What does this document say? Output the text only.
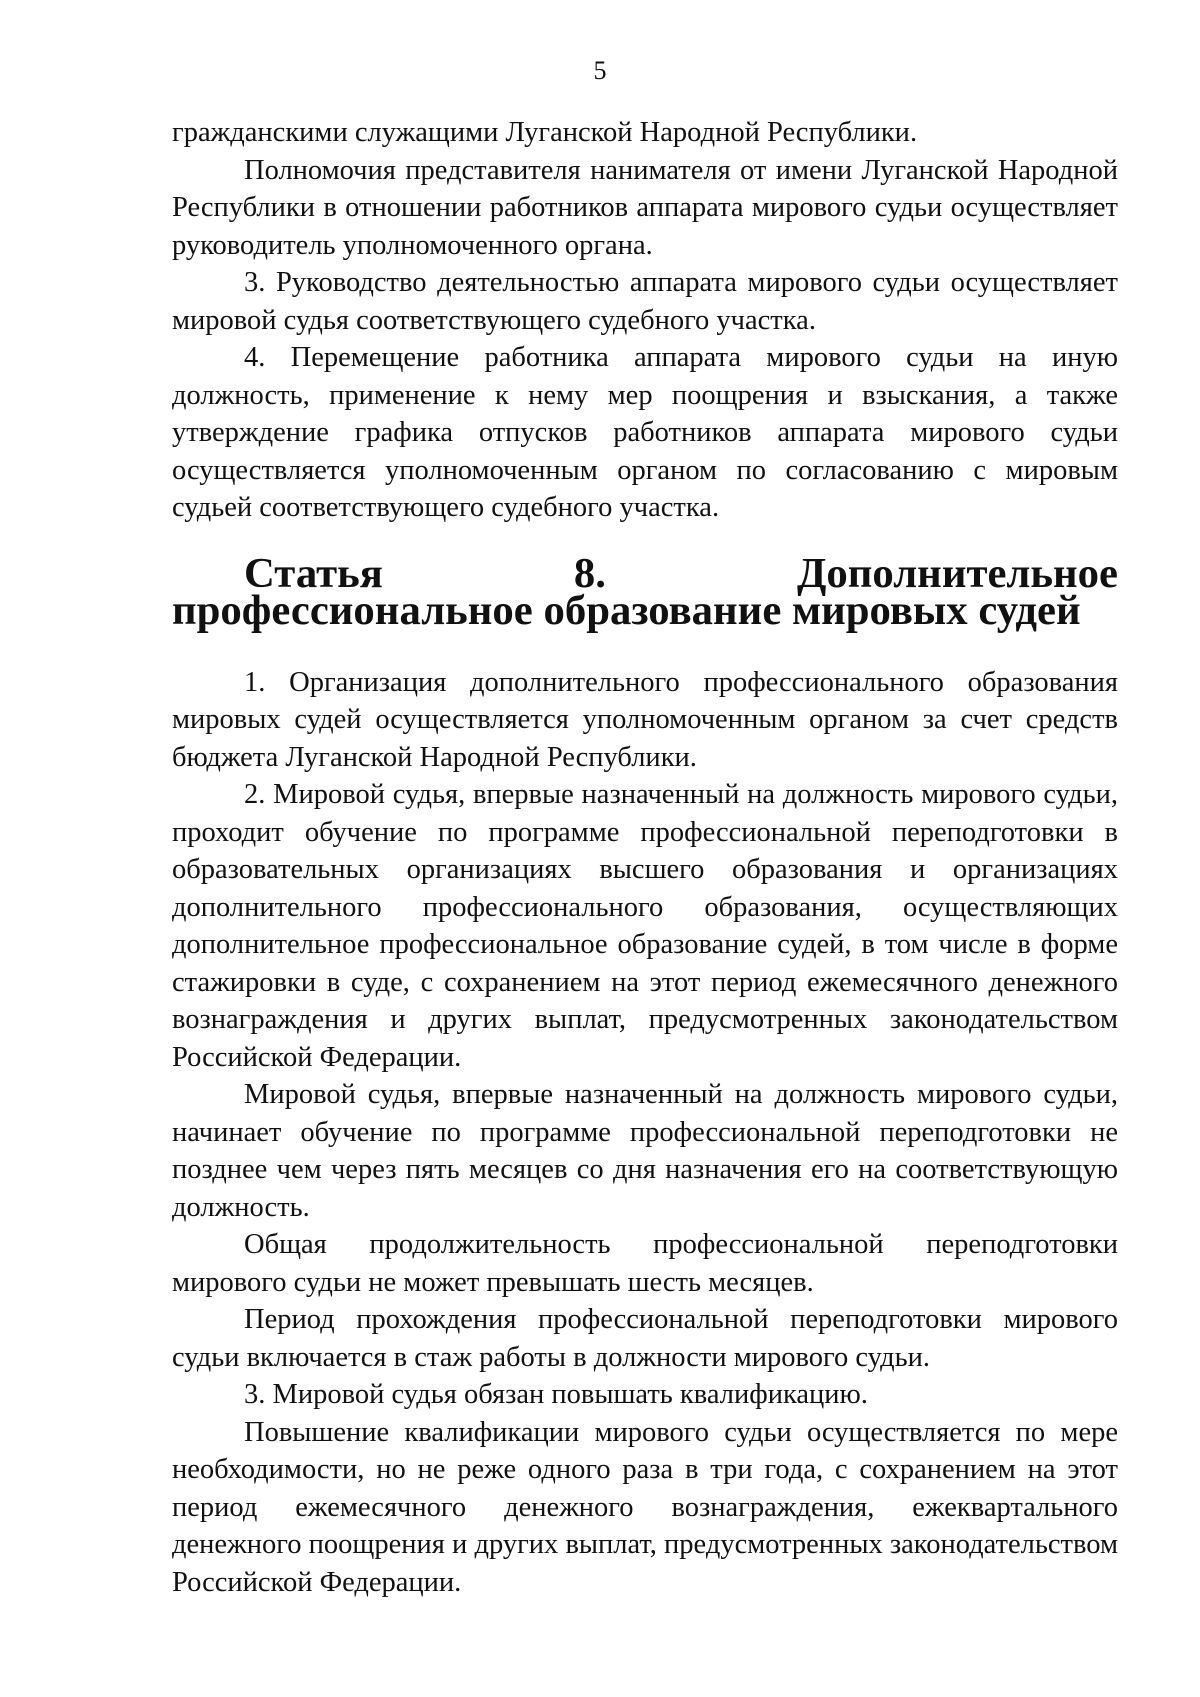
5

гражданскими служащими Луганской Народной Республики.

Полномочия представителя нанимателя от имени Луганской Народной Республики в отношении работников аппарата мирового судьи осуществляет руководитель уполномоченного органа.

3. Руководство деятельностью аппарата мирового судьи осуществляет мировой судья соответствующего судебного участка.

4. Перемещение работника аппарата мирового судьи на иную должность, применение к нему мер поощрения и взыскания, а также утверждение графика отпусков работников аппарата мирового судьи осуществляется уполномоченным органом по согласованию с мировым судьей соответствующего судебного участка.

Статья 8. Дополнительное профессиональное образование мировых судей

1. Организация дополнительного профессионального образования мировых судей осуществляется уполномоченным органом за счет средств бюджета Луганской Народной Республики.

2. Мировой судья, впервые назначенный на должность мирового судьи, проходит обучение по программе профессиональной переподготовки в образовательных организациях высшего образования и организациях дополнительного профессионального образования, осуществляющих дополнительное профессиональное образование судей, в том числе в форме стажировки в суде, с сохранением на этот период ежемесячного денежного вознаграждения и других выплат, предусмотренных законодательством Российской Федерации.

Мировой судья, впервые назначенный на должность мирового судьи, начинает обучение по программе профессиональной переподготовки не позднее чем через пять месяцев со дня назначения его на соответствующую должность.

Общая продолжительность профессиональной переподготовки мирового судьи не может превышать шесть месяцев.

Период прохождения профессиональной переподготовки мирового судьи включается в стаж работы в должности мирового судьи.

3. Мировой судья обязан повышать квалификацию.

Повышение квалификации мирового судьи осуществляется по мере необходимости, но не реже одного раза в три года, с сохранением на этот период ежемесячного денежного вознаграждения, ежеквартального денежного поощрения и других выплат, предусмотренных законодательством Российской Федерации.
